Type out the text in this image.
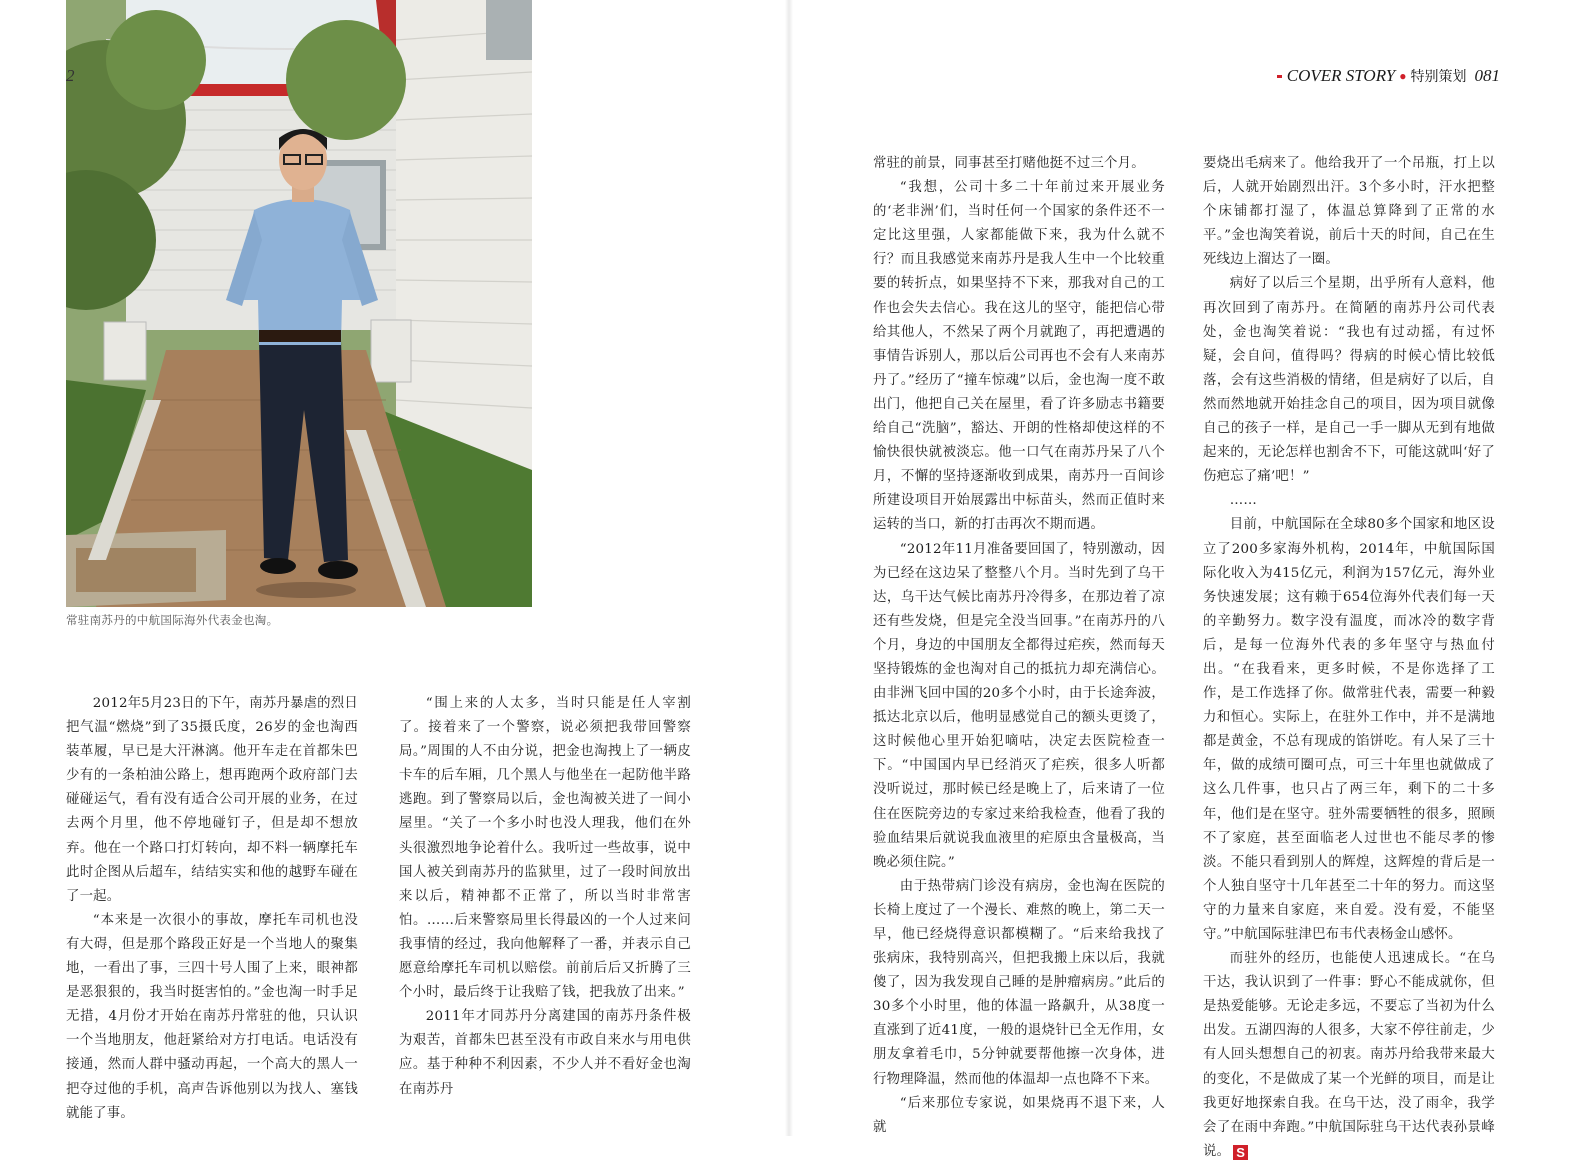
2
常驻南苏丹的中航国际海外代表金也淘。

2012年5月23日的下午，南苏丹暴虐的烈日把气温“燃烧”到了35摄氏度，26岁的金也淘西装革履，早已是大汗淋漓。他开车走在首都朱巴少有的一条柏油公路上，想再跑两个政府部门去碰碰运气，看有没有适合公司开展的业务，在过去两个月里，他不停地碰钉子，但是却不想放弃。他在一个路口打灯转向，却不料一辆摩托车此时企图从后超车，结结实实和他的越野车碰在了一起。

“本来是一次很小的事故，摩托车司机也没有大碍，但是那个路段正好是一个当地人的聚集地，一看出了事，三四十号人围了上来，眼神都是恶狠狠的，我当时挺害怕的。”金也淘一时手足无措，4月份才开始在南苏丹常驻的他，只认识一个当地朋友，他赶紧给对方打电话。电话没有接通，然而人群中骚动再起，一个高大的黑人一把夺过他的手机，高声告诉他别以为找人、塞钱就能了事。

“围上来的人太多，当时只能是任人宰割了。接着来了一个警察，说必须把我带回警察局。”周围的人不由分说，把金也淘拽上了一辆皮卡车的后车厢，几个黑人与他坐在一起防他半路逃跑。到了警察局以后，金也淘被关进了一间小屋里。“关了一个多小时也没人理我，他们在外头很激烈地争论着什么。我听过一些故事，说中国人被关到南苏丹的监狱里，过了一段时间放出来以后，精神都不正常了，所以当时非常害怕。……后来警察局里长得最凶的一个人过来问我事情的经过，我向他解释了一番，并表示自己愿意给摩托车司机以赔偿。前前后后又折腾了三个小时，最后终于让我赔了钱，把我放了出来。”

2011年才同苏丹分离建国的南苏丹条件极为艰苦，首都朱巴甚至没有市政自来水与用电供应。基于种种不利因素，不少人并不看好金也淘在南苏丹

COVER STORY ● 特别策划 081

常驻的前景，同事甚至打赌他挺不过三个月。

“我想，公司十多二十年前过来开展业务的‘老非洲’们，当时任何一个国家的条件还不一定比这里强，人家都能做下来，我为什么就不行？而且我感觉来南苏丹是我人生中一个比较重要的转折点，如果坚持不下来，那我对自己的工作也会失去信心。我在这儿的坚守，能把信心带给其他人，不然呆了两个月就跑了，再把遭遇的事情告诉别人，那以后公司再也不会有人来南苏丹了。”经历了“撞车惊魂”以后，金也淘一度不敢出门，他把自己关在屋里，看了许多励志书籍要给自己“洗脑”，豁达、开朗的性格却使这样的不愉快很快就被淡忘。他一口气在南苏丹呆了八个月，不懈的坚持逐渐收到成果，南苏丹一百间诊所建设项目开始展露出中标苗头，然而正值时来运转的当口，新的打击再次不期而遇。

“2012年11月准备要回国了，特别激动，因为已经在这边呆了整整八个月。当时先到了乌干达，乌干达气候比南苏丹冷得多，在那边着了凉还有些发烧，但是完全没当回事。”在南苏丹的八个月，身边的中国朋友全都得过疟疾，然而每天坚持锻炼的金也淘对自己的抵抗力却充满信心。由非洲飞回中国的20多个小时，由于长途奔波，抵达北京以后，他明显感觉自己的额头更烫了，这时候他心里开始犯嘀咕，决定去医院检查一下。“中国国内早已经消灭了疟疾，很多人听都没听说过，那时候已经是晚上了，后来请了一位住在医院旁边的专家过来给我检查，他看了我的验血结果后就说我血液里的疟原虫含量极高，当晚必须住院。”

由于热带病门诊没有病房，金也淘在医院的长椅上度过了一个漫长、难熬的晚上，第二天一早，他已经烧得意识都模糊了。“后来给我找了张病床，我特别高兴，但把我搬上床以后，我就傻了，因为我发现自己睡的是肿瘤病房。”此后的30多个小时里，他的体温一路飙升，从38度一直涨到了近41度，一般的退烧针已全无作用，女朋友拿着毛巾，5分钟就要帮他擦一次身体，进行物理降温，然而他的体温却一点也降不下来。

“后来那位专家说，如果烧再不退下来，人就

要烧出毛病来了。他给我开了一个吊瓶，打上以后，人就开始剧烈出汗。3个多小时，汗水把整个床铺都打湿了，体温总算降到了正常的水平。”金也淘笑着说，前后十天的时间，自己在生死线边上溜达了一圈。

病好了以后三个星期，出乎所有人意料，他再次回到了南苏丹。在简陋的南苏丹公司代表处，金也淘笑着说：“我也有过动摇，有过怀疑，会自问，值得吗？得病的时候心情比较低落，会有这些消极的情绪，但是病好了以后，自然而然地就开始挂念自己的项目，因为项目就像自己的孩子一样，是自己一手一脚从无到有地做起来的，无论怎样也割舍不下，可能这就叫‘好了伤疤忘了痛’吧！”

……

目前，中航国际在全球80多个国家和地区设立了200多家海外机构，2014年，中航国际国际化收入为415亿元，利润为157亿元，海外业务快速发展；这有赖于654位海外代表们每一天的辛勤努力。数字没有温度，而冰冷的数字背后，是每一位海外代表的多年坚守与热血付出。“在我看来，更多时候，不是你选择了工作，是工作选择了你。做常驻代表，需要一种毅力和恒心。实际上，在驻外工作中，并不是满地都是黄金，不总有现成的馅饼吃。有人呆了三十年，做的成绩可圈可点，可三十年里也就做成了这么几件事，也只占了两三年，剩下的二十多年，他们是在坚守。驻外需要牺牲的很多，照顾不了家庭，甚至面临老人过世也不能尽孝的惨淡。不能只看到别人的辉煌，这辉煌的背后是一个人独自坚守十几年甚至二十年的努力。而这坚守的力量来自家庭，来自爱。没有爱，不能坚守。”中航国际驻津巴布韦代表杨金山感怀。

而驻外的经历，也能使人迅速成长。“在乌干达，我认识到了一件事：野心不能成就你，但是热爱能够。无论走多远，不要忘了当初为什么出发。五湖四海的人很多，大家不停往前走，少有人回头想想自己的初衷。南苏丹给我带来最大的变化，不是做成了某一个光鲜的项目，而是让我更好地探索自我。在乌干达，没了雨伞，我学会了在雨中奔跑。”中航国际驻乌干达代表孙景峰说。 S
